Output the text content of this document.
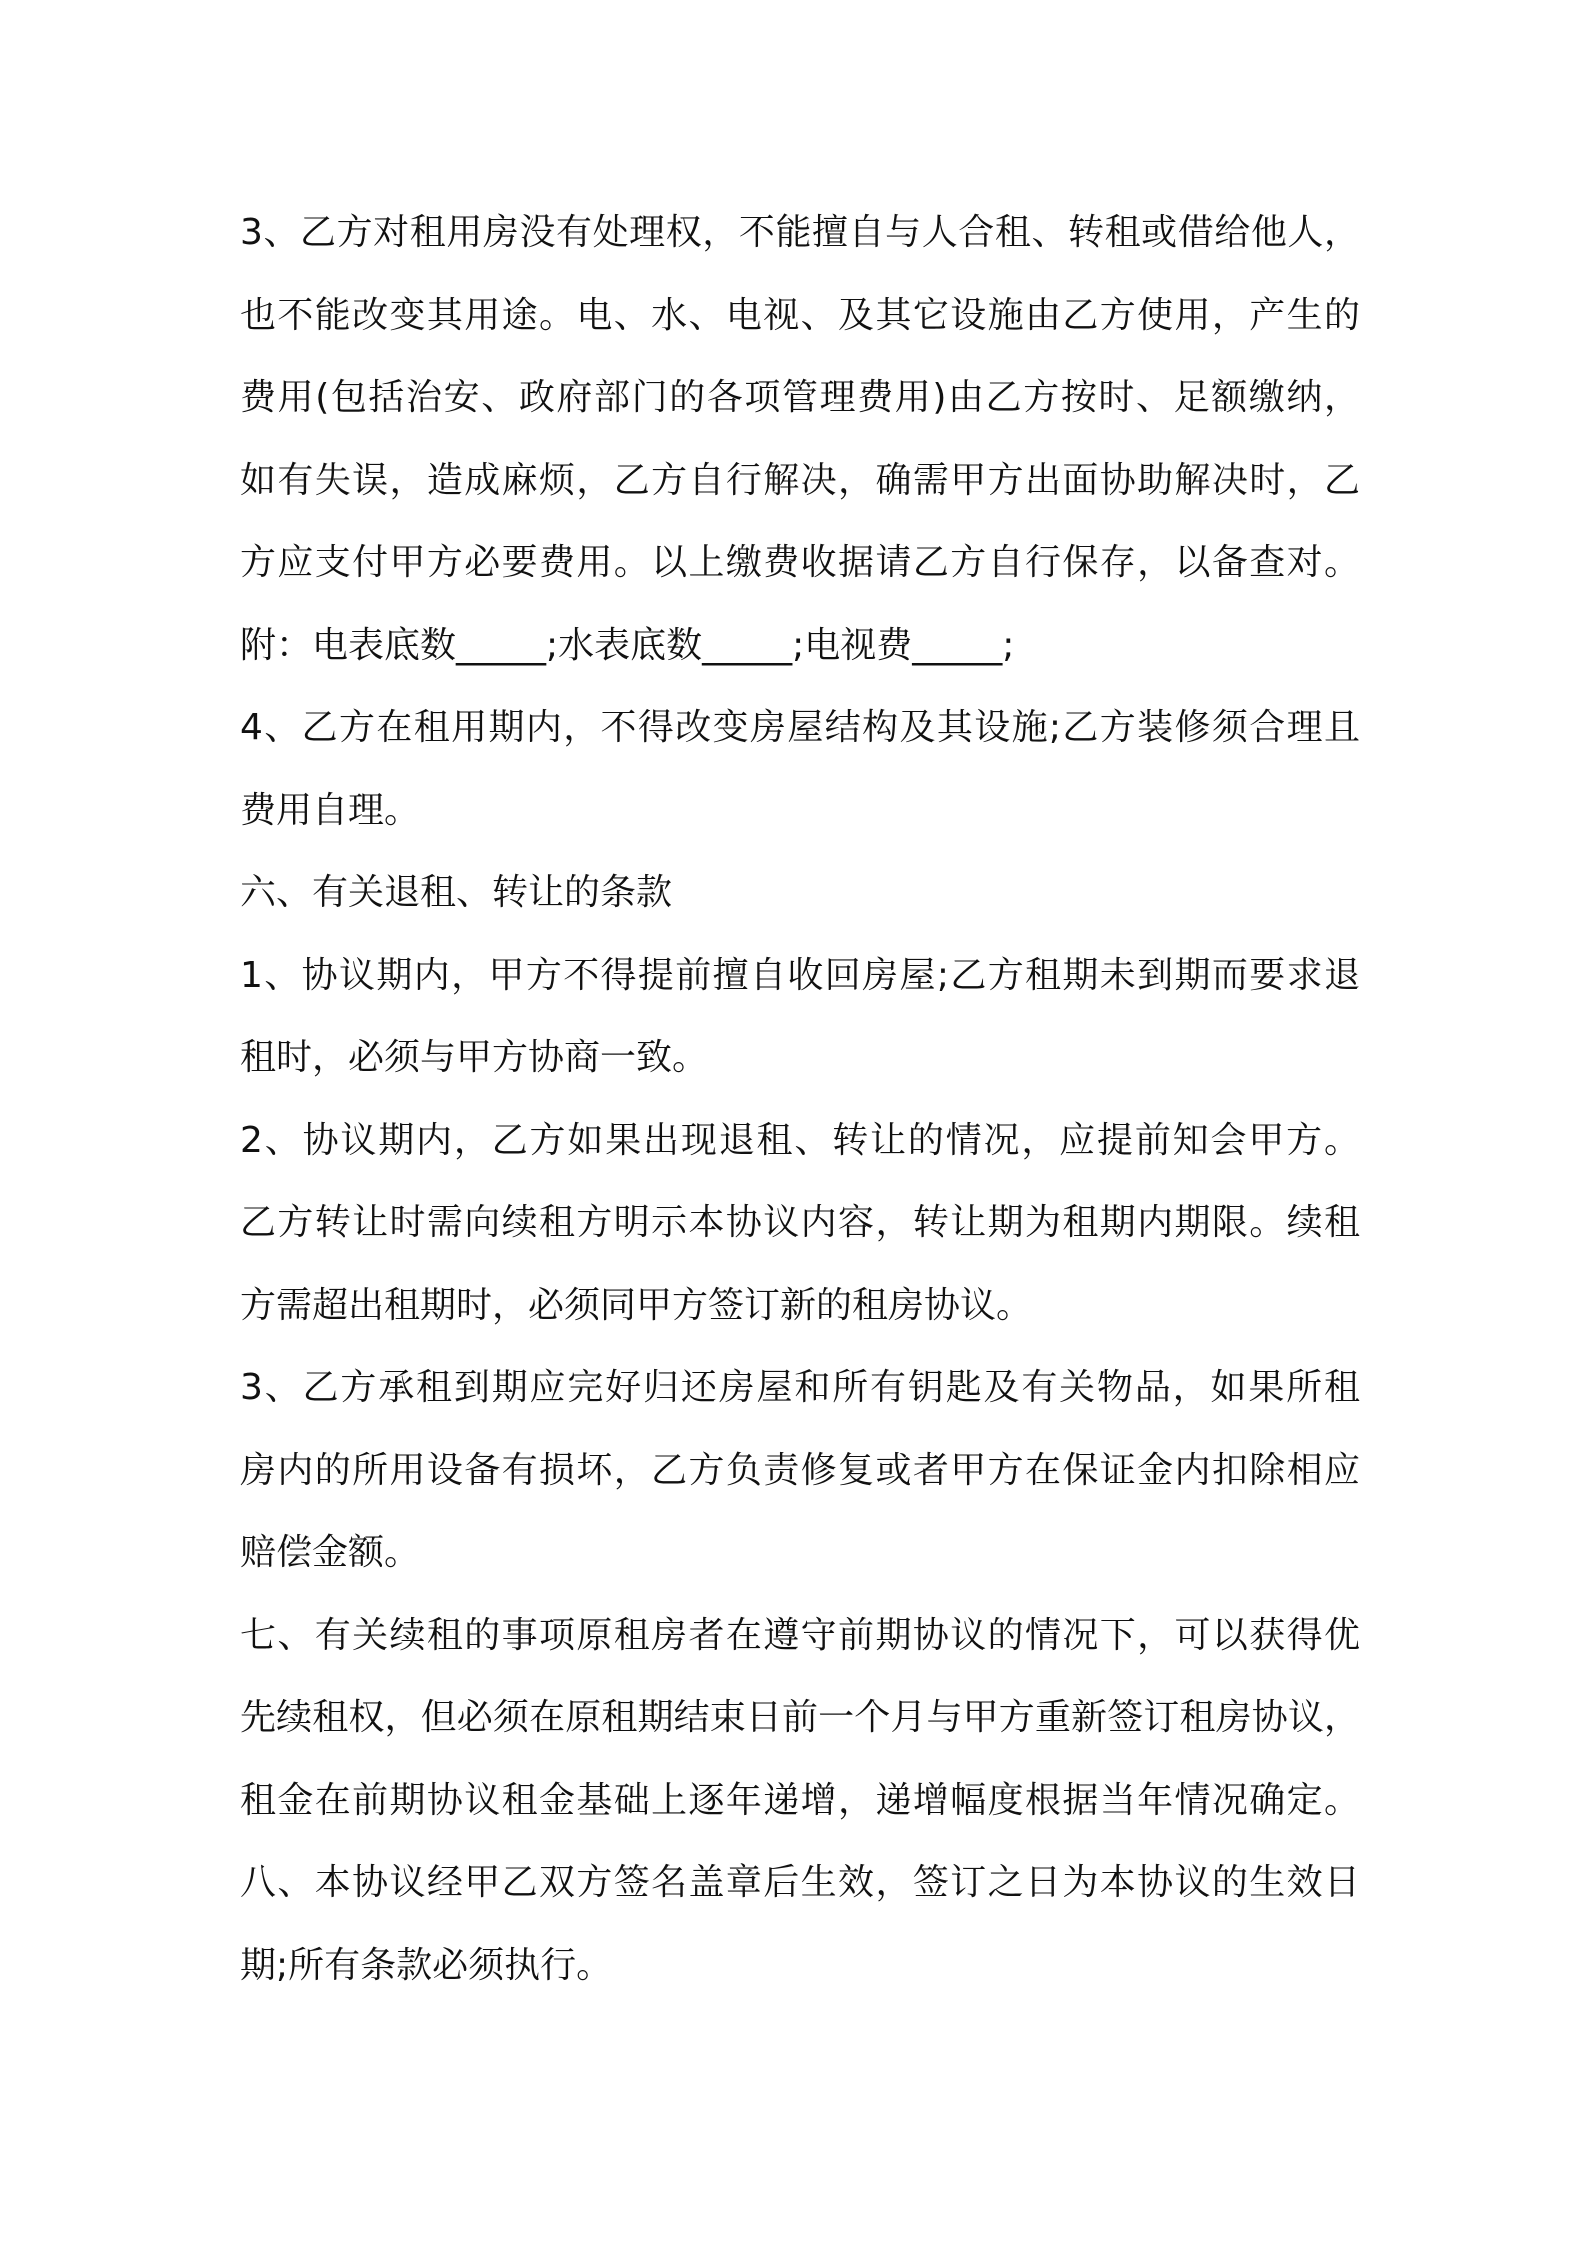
3、乙方对租用房没有处理权，不能擅自与人合租、转租或借给他人，
也不能改变其用途。电、水、电视、及其它设施由乙方使用，产生的
费用(包括治安、政府部门的各项管理费用)由乙方按时、足额缴纳，
如有失误，造成麻烦，乙方自行解决，确需甲方出面协助解决时，乙
方应支付甲方必要费用。以上缴费收据请乙方自行保存，以备查对。
附：电表底数_____;水表底数_____;电视费_____;
4、乙方在租用期内，不得改变房屋结构及其设施;乙方装修须合理且
费用自理。
六、有关退租、转让的条款
1、协议期内，甲方不得提前擅自收回房屋;乙方租期未到期而要求退
租时，必须与甲方协商一致。
2、协议期内，乙方如果出现退租、转让的情况，应提前知会甲方。
乙方转让时需向续租方明示本协议内容，转让期为租期内期限。续租
方需超出租期时，必须同甲方签订新的租房协议。
3、乙方承租到期应完好归还房屋和所有钥匙及有关物品，如果所租
房内的所用设备有损坏，乙方负责修复或者甲方在保证金内扣除相应
赔偿金额。
七、有关续租的事项原租房者在遵守前期协议的情况下，可以获得优
先续租权，但必须在原租期结束日前一个月与甲方重新签订租房协议，
租金在前期协议租金基础上逐年递增，递增幅度根据当年情况确定。
八、本协议经甲乙双方签名盖章后生效，签订之日为本协议的生效日
期;所有条款必须执行。
